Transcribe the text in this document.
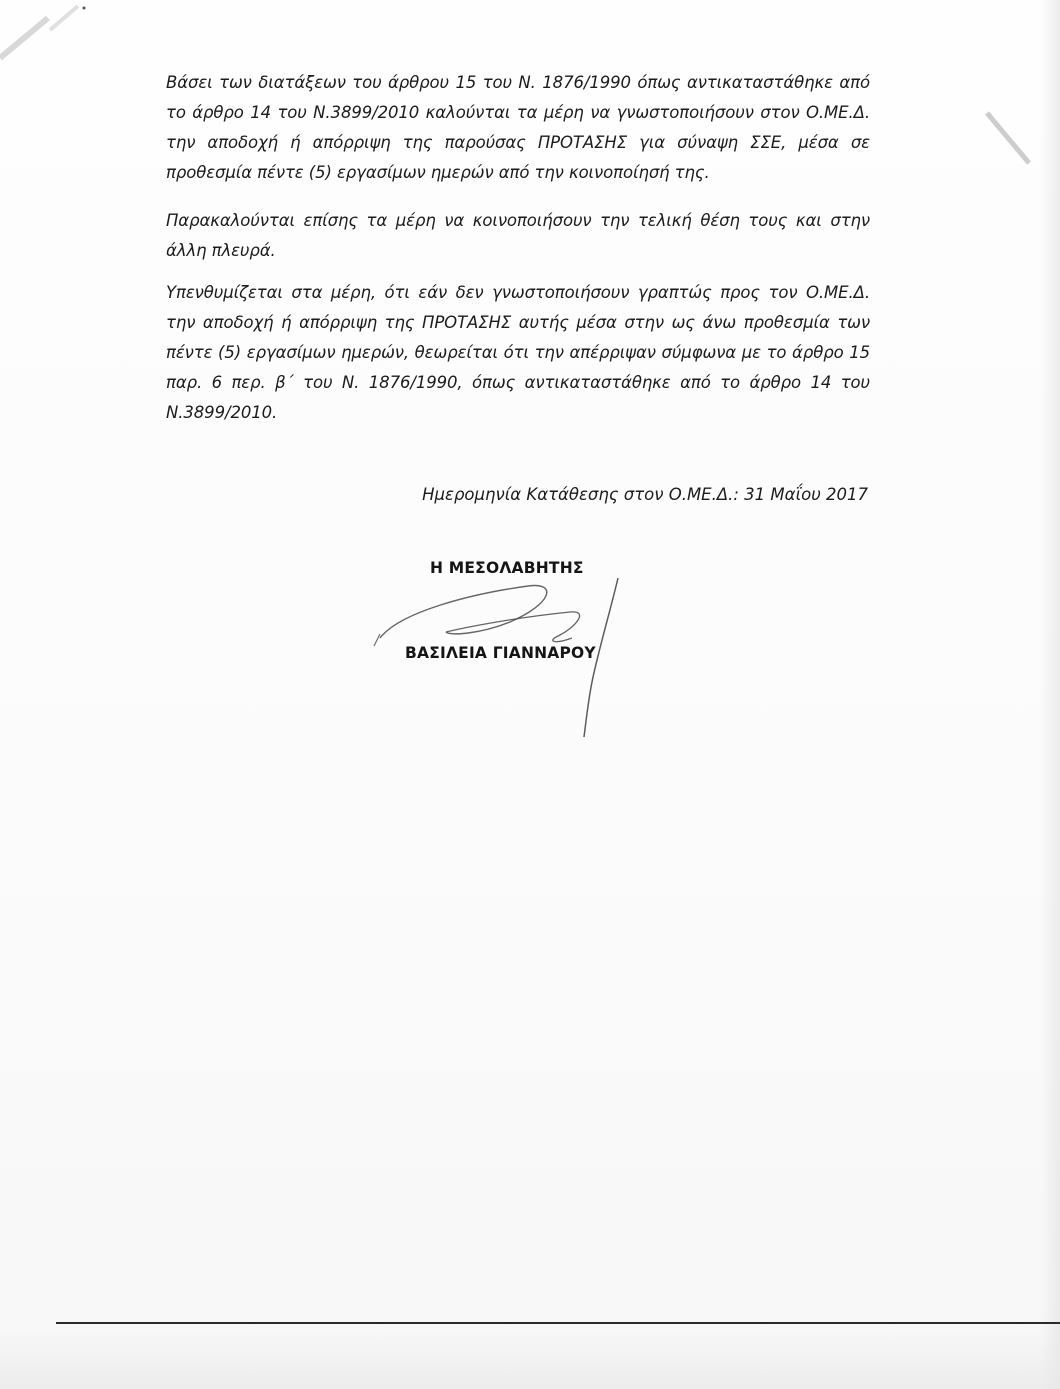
Βάσει των διατάξεων του άρθρου 15 του Ν. 1876/1990 όπως αντικαταστάθηκε από το άρθρο 14 του Ν.3899/2010 καλούνται τα μέρη να γνωστοποιήσουν στον Ο.ΜΕ.Δ. την αποδοχή ή απόρριψη της παρούσας ΠΡΟΤΑΣΗΣ για σύναψη ΣΣΕ, μέσα σε προθεσμία πέντε (5) εργασίμων ημερών από την κοινοποίησή της.

Παρακαλούνται επίσης τα μέρη να κοινοποιήσουν την τελική θέση τους και στην άλλη πλευρά.

Υπενθυμίζεται στα μέρη, ότι εάν δεν γνωστοποιήσουν γραπτώς προς τον Ο.ΜΕ.Δ. την αποδοχή ή απόρριψη της ΠΡΟΤΑΣΗΣ αυτής μέσα στην ως άνω προθεσμία των πέντε (5) εργασίμων ημερών, θεωρείται ότι την απέρριψαν σύμφωνα με το άρθρο 15 παρ. 6 περ. β΄ του Ν. 1876/1990, όπως αντικαταστάθηκε από το άρθρο 14 του Ν.3899/2010.

Ημερομηνία Κατάθεσης στον Ο.ΜΕ.Δ.: 31 Μαΐου 2017
Η ΜΕΣΟΛΑΒΗΤΗΣ
ΒΑΣΙΛΕΙΑ ΓΙΑΝΝΑΡΟΥ
